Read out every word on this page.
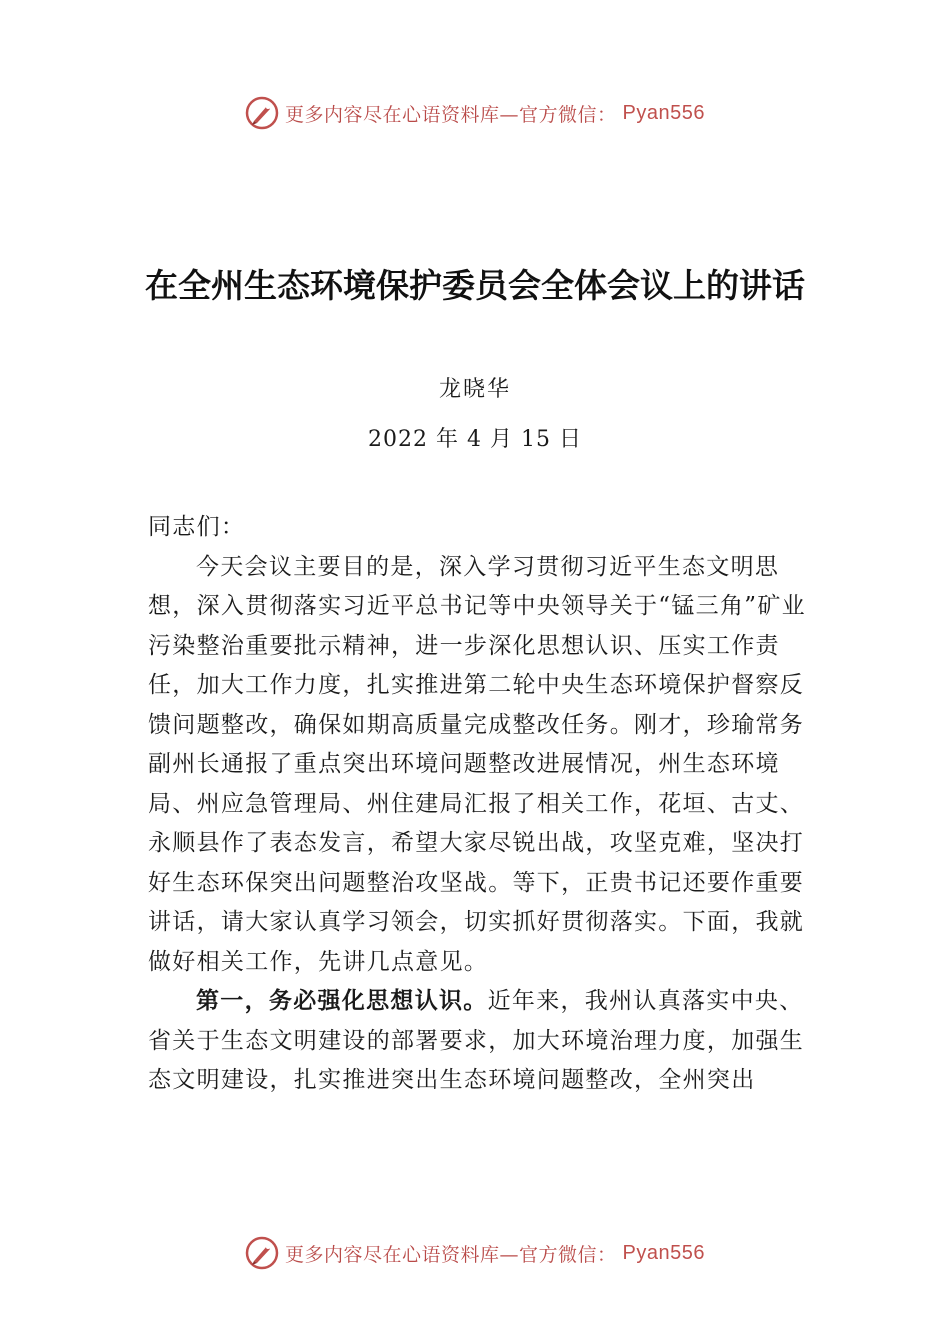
更多内容尽在心语资料库—官方微信： Pyan556
在全州生态环境保护委员会全体会议上的讲话
龙晓华
2022 年 4 月 15 日

同志们：

今天会议主要目的是，深入学习贯彻习近平生态文明思想，深入贯彻落实习近平总书记等中央领导关于“锰三角”矿业污染整治重要批示精神，进一步深化思想认识、压实工作责任，加大工作力度，扎实推进第二轮中央生态环境保护督察反馈问题整改，确保如期高质量完成整改任务。刚才，珍瑜常务副州长通报了重点突出环境问题整改进展情况，州生态环境局、州应急管理局、州住建局汇报了相关工作，花垣、古丈、永顺县作了表态发言，希望大家尽锐出战，攻坚克难，坚决打好生态环保突出问题整治攻坚战。等下，正贵书记还要作重要讲话，请大家认真学习领会，切实抓好贯彻落实。下面，我就做好相关工作，先讲几点意见。

第一，务必强化思想认识。近年来，我州认真落实中央、省关于生态文明建设的部署要求，加大环境治理力度，加强生态文明建设，扎实推进突出生态环境问题整改，全州突出

更多内容尽在心语资料库—官方微信： Pyan556
